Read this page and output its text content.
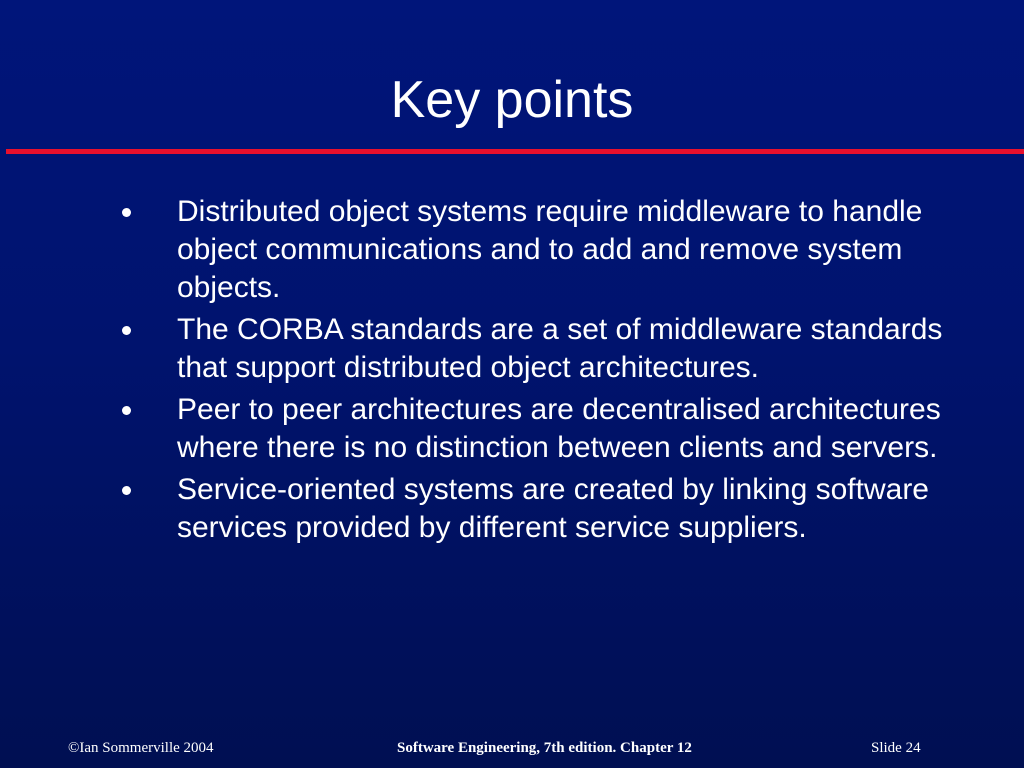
Key points
Distributed object systems require middleware to handle object communications and to add and remove system objects.
The CORBA standards are a set of middleware standards that support distributed object architectures.
Peer to peer architectures are decentralised architectures where there is no distinction between clients and servers.
Service-oriented systems are created by linking software services provided by different service suppliers.
©Ian Sommerville 2004	Software Engineering, 7th edition. Chapter 12	Slide 24
